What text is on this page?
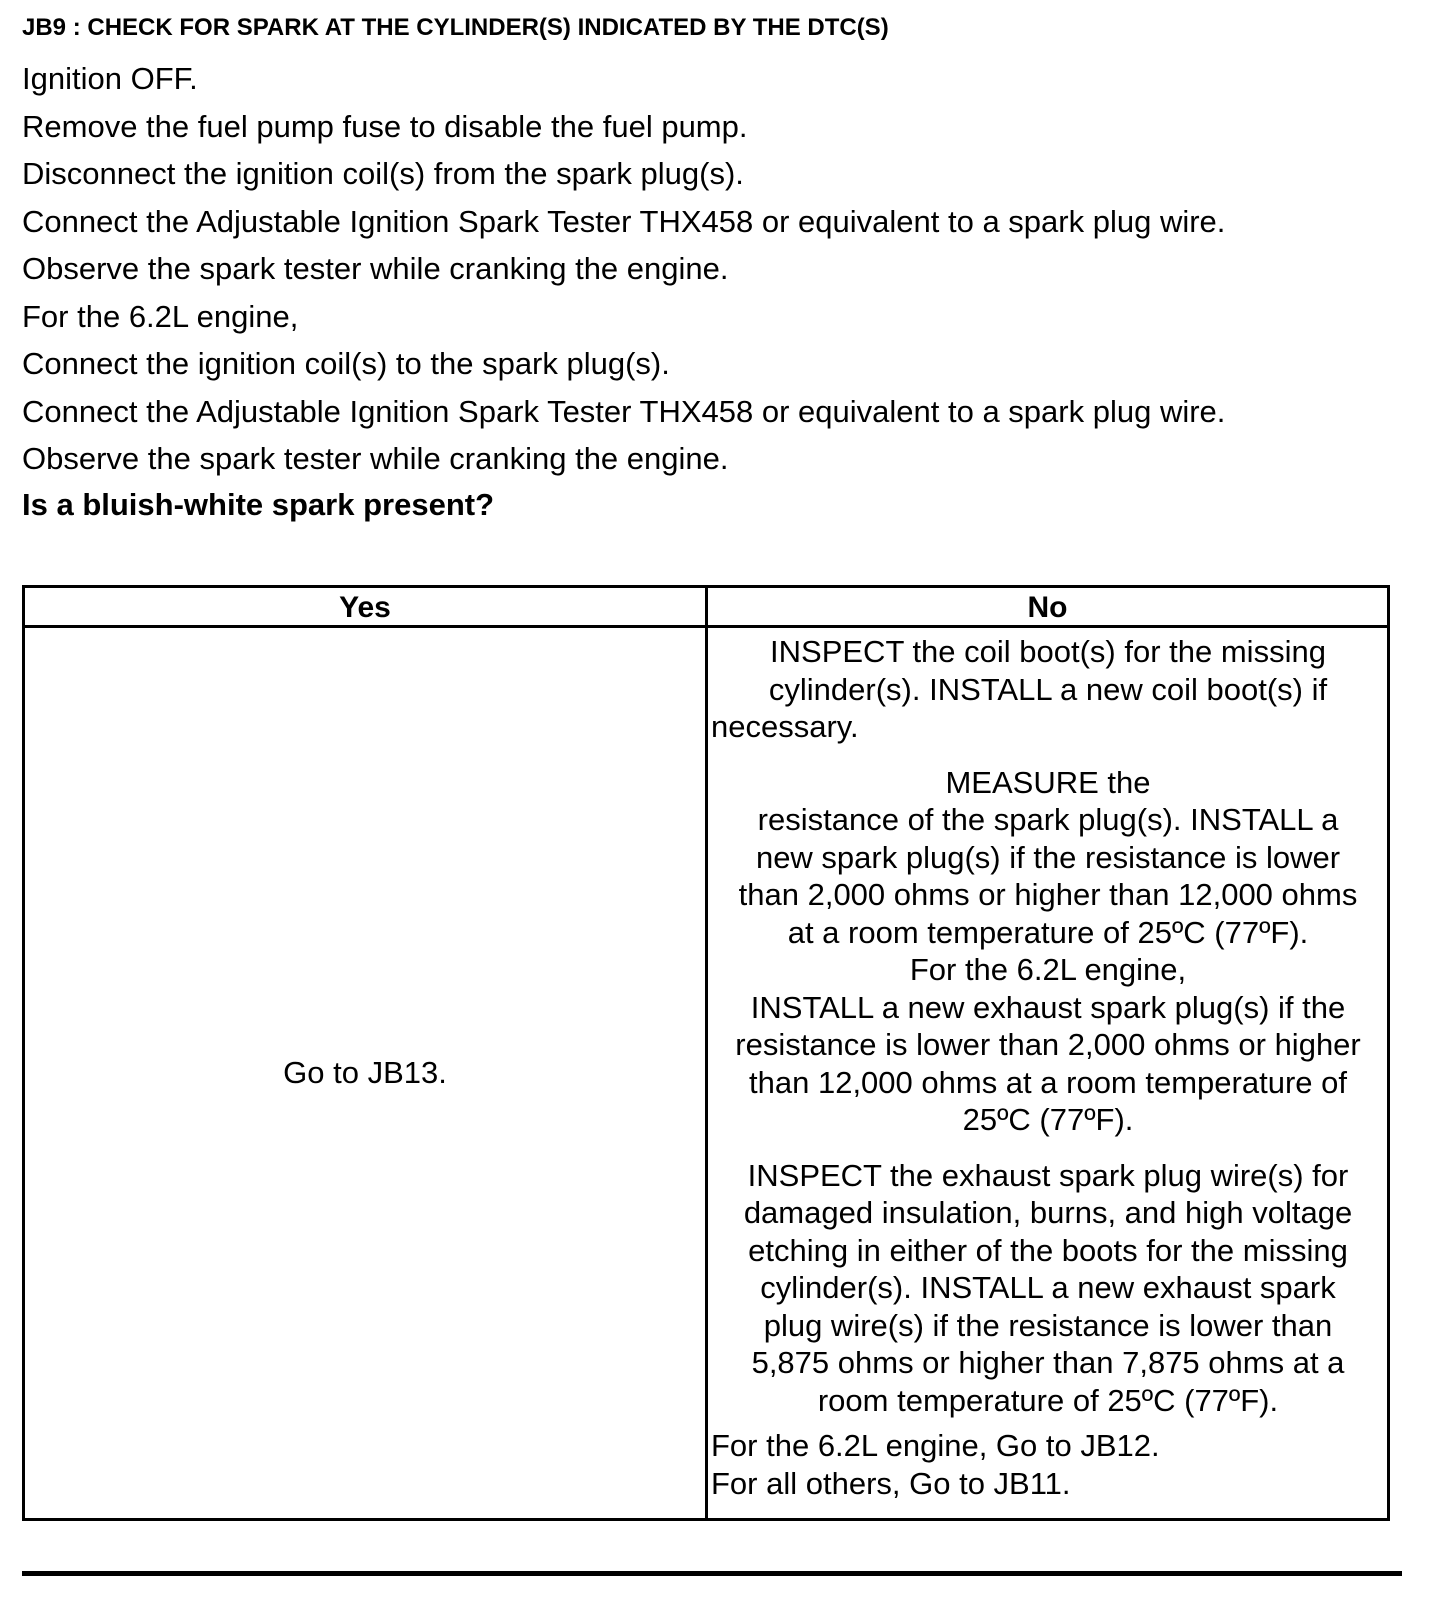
JB9 : CHECK FOR SPARK AT THE CYLINDER(S) INDICATED BY THE DTC(S)
Ignition OFF.
Remove the fuel pump fuse to disable the fuel pump.
Disconnect the ignition coil(s) from the spark plug(s).
Connect the Adjustable Ignition Spark Tester THX458 or equivalent to a spark plug wire.
Observe the spark tester while cranking the engine.
For the 6.2L engine,
Connect the ignition coil(s) to the spark plug(s).
Connect the Adjustable Ignition Spark Tester THX458 or equivalent to a spark plug wire.
Observe the spark tester while cranking the engine.
Is a bluish-white spark present?
Yes	No
Go to JB13.

INSPECT the coil boot(s) for the missing
cylinder(s). INSTALL a new coil boot(s) if
necessary.

MEASURE the
resistance of the spark plug(s). INSTALL a
new spark plug(s) if the resistance is lower
than 2,000 ohms or higher than 12,000 ohms
at a room temperature of 25ºC (77ºF).
For the 6.2L engine,
INSTALL a new exhaust spark plug(s) if the
resistance is lower than 2,000 ohms or higher
than 12,000 ohms at a room temperature of
25ºC (77ºF).

INSPECT the exhaust spark plug wire(s) for
damaged insulation, burns, and high voltage
etching in either of the boots for the missing
cylinder(s). INSTALL a new exhaust spark
plug wire(s) if the resistance is lower than
5,875 ohms or higher than 7,875 ohms at a
room temperature of 25ºC (77ºF).

For the 6.2L engine, Go to JB12.
For all others, Go to JB11.
